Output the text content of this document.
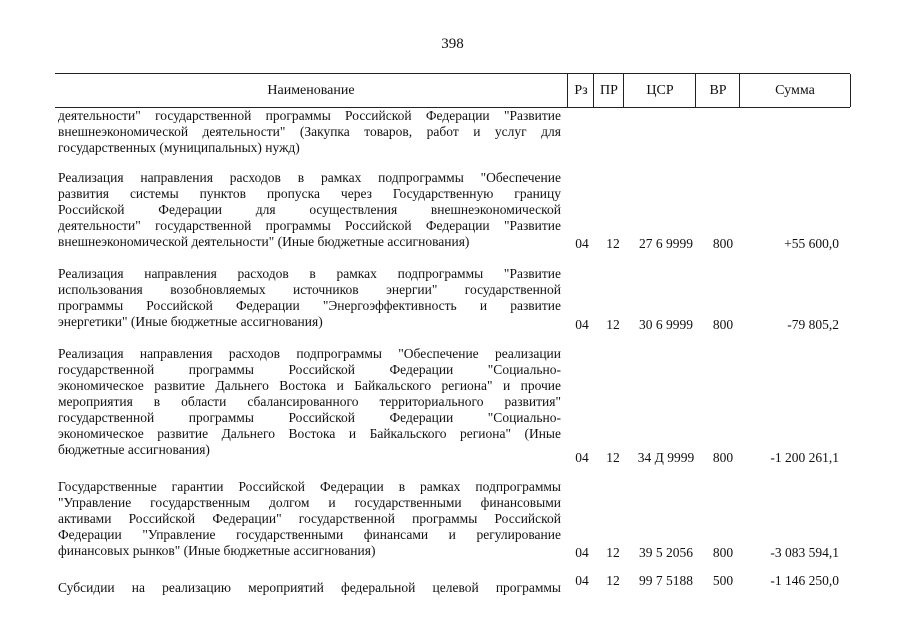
398
Наименование	Рз ПР	ЦСР	ВР	Сумма
деятельности" государственной программы Российской Федерации "Развитие
внешнеэкономической деятельности" (Закупка товаров, работ и услуг для
государственных (муниципальных) нужд)
Реализация направления расходов в рамках подпрограммы "Обеспечение
развития системы пунктов пропуска через Государственную границу
Российской Федерации для осуществления внешнеэкономической
деятельности" государственной программы Российской Федерации "Развитие
внешнеэкономической деятельности" (Иные бюджетные ассигнования)	04	12	27 6 9999	800	+55 600,0
Реализация направления расходов в рамках подпрограммы "Развитие
использования возобновляемых источников энергии" государственной
программы Российской Федерации "Энергоэффективность и развитие
энергетики" (Иные бюджетные ассигнования)	04	12	30 6 9999	800	-79 805,2
Реализация направления расходов подпрограммы "Обеспечение реализации
государственной программы Российской Федерации "Социально-
экономическое развитие Дальнего Востока и Байкальского региона" и прочие
мероприятия в области сбалансированного территориального развития"
государственной программы Российской Федерации "Социально-
экономическое развитие Дальнего Востока и Байкальского региона" (Иные
бюджетные ассигнования)
04	12	34 Д 9999	800	-1 200 261,1
Государственные гарантии Российской Федерации в рамках подпрограммы
"Управление государственным долгом и государственными финансовыми
активами Российской Федерации" государственной программы Российской
Федерации "Управление государственными финансами и регулирование
финансовых рынков" (Иные бюджетные ассигнования)	04	12	39 5 2056	800	-3 083 594,1
Субсидии на реализацию мероприятий федеральной целевой программы	04	12	99 7 5188	500	-1 146 250,0
